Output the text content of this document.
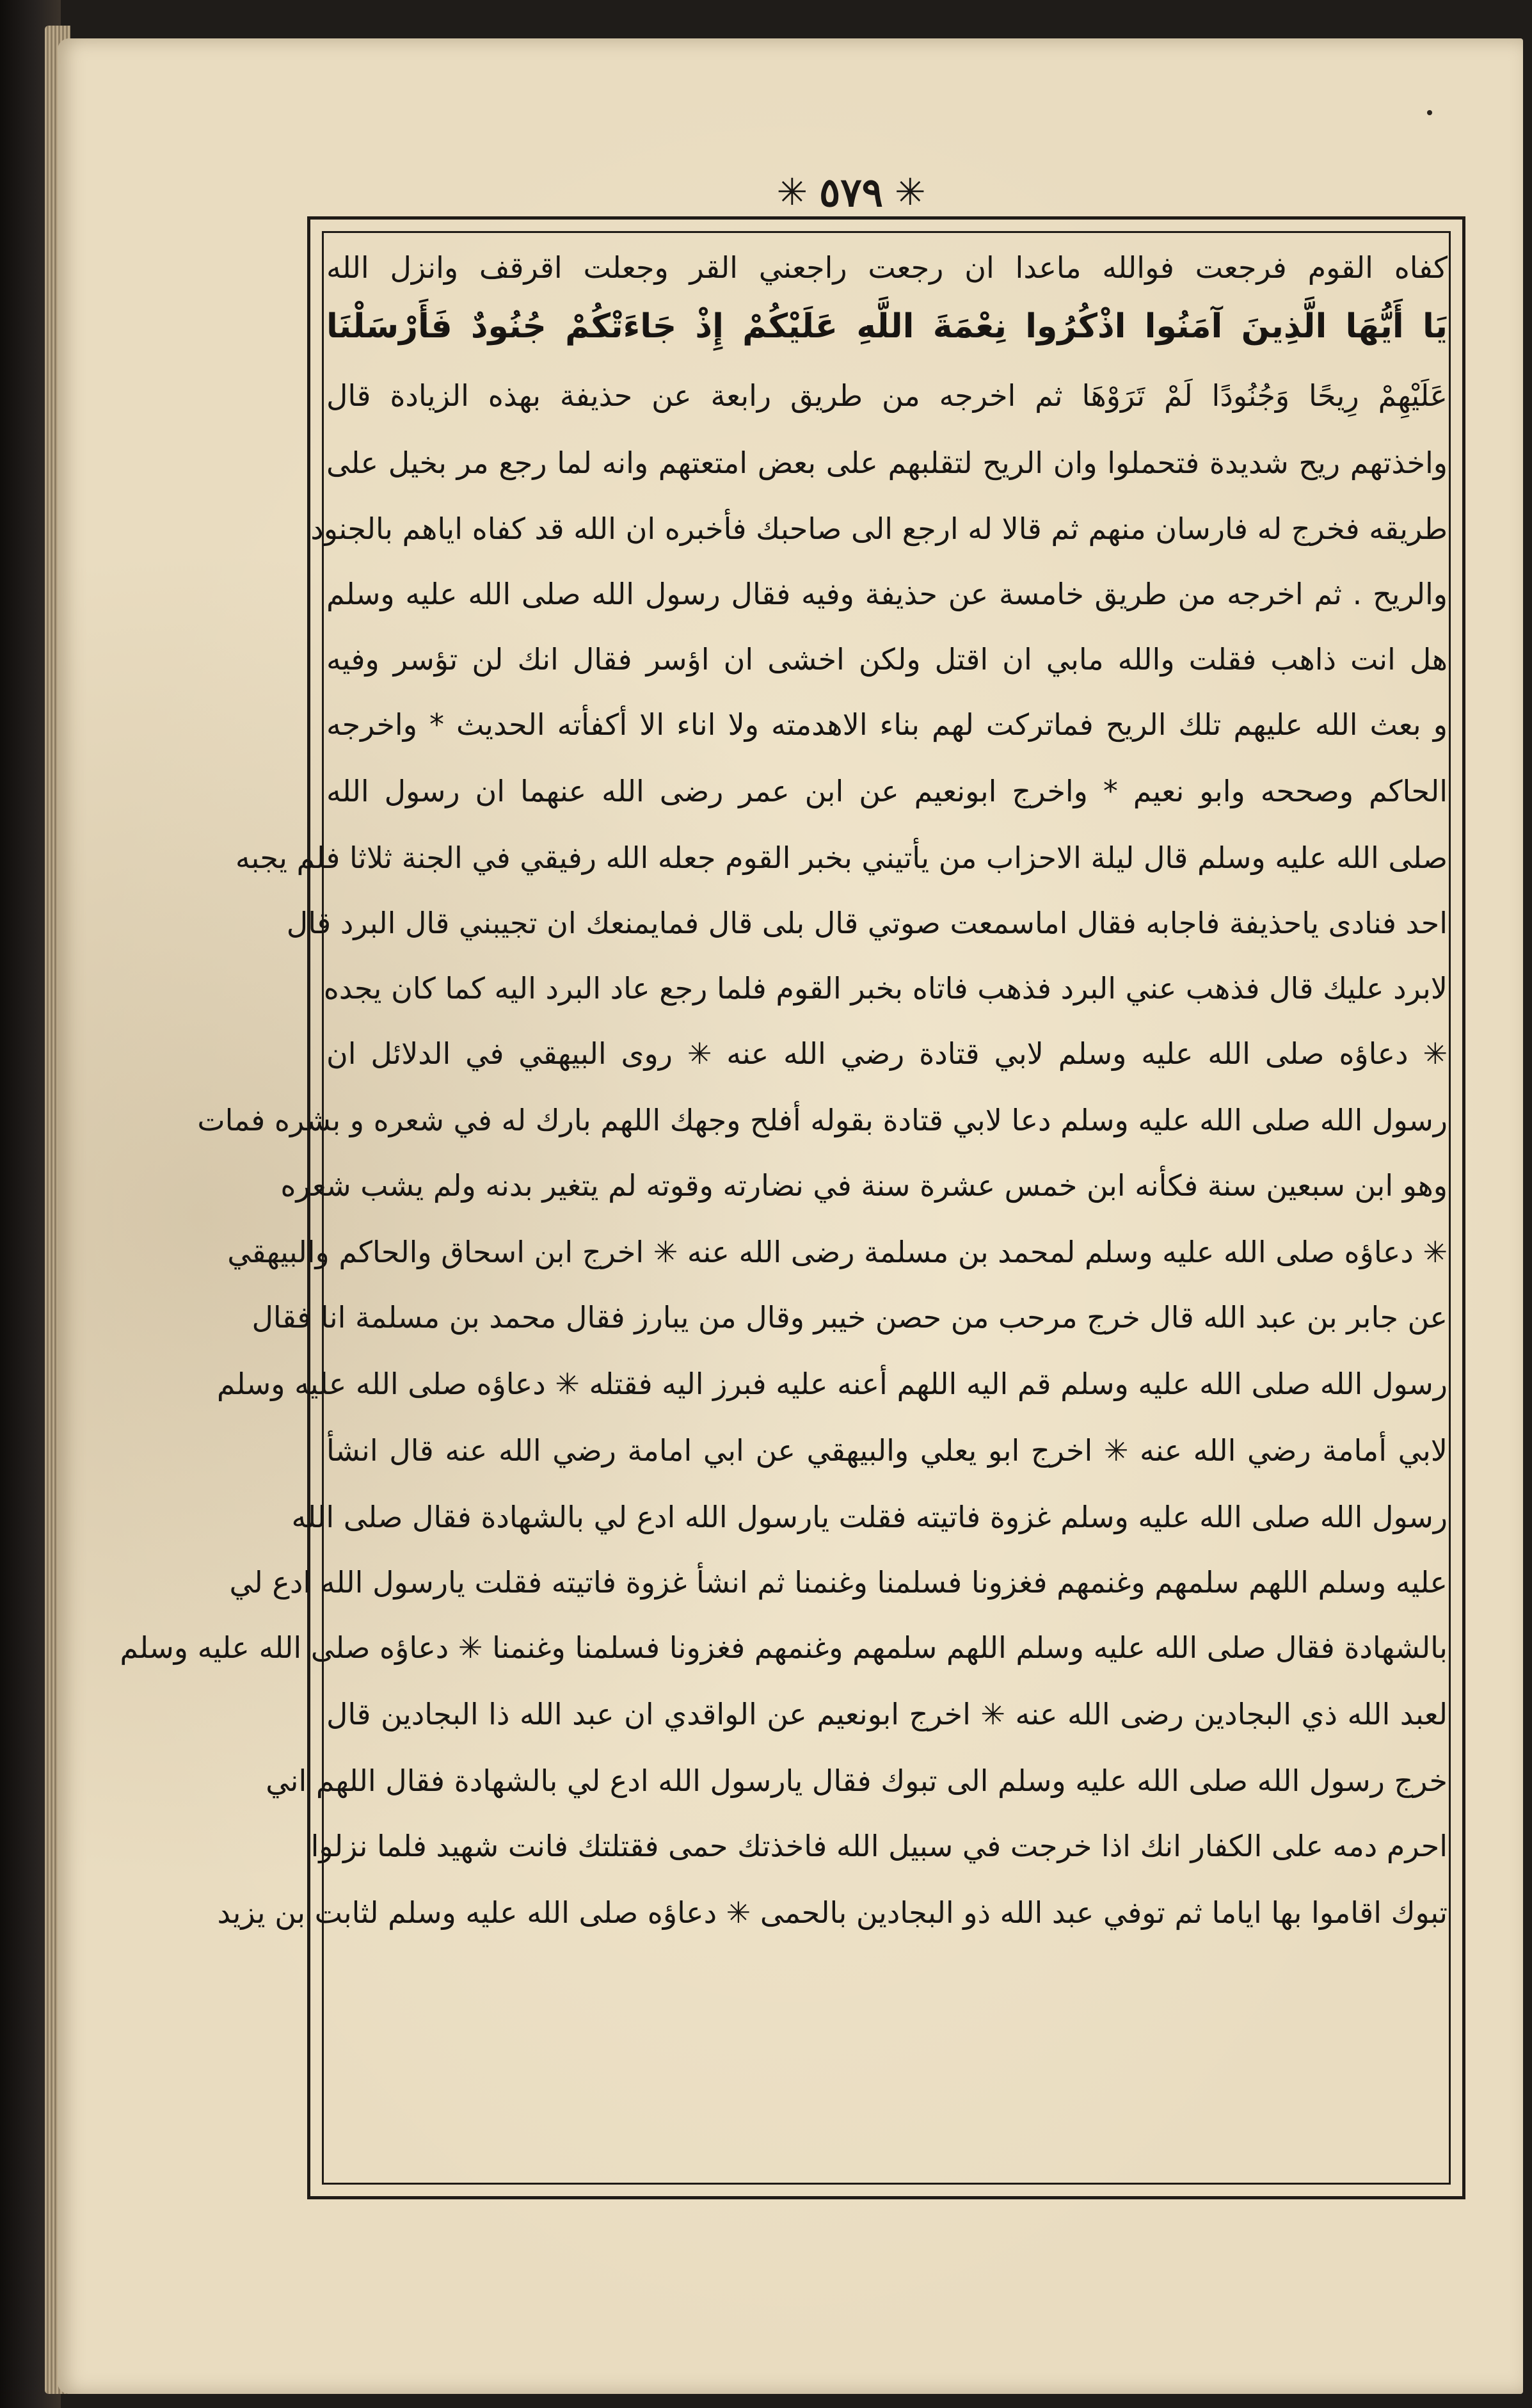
✳ ٥٧٩ ✳
كفاه القوم فرجعت فوالله ماعدا ان رجعت راجعني القر وجعلت اقرقف وانزل الله
يَا أَيُّهَا الَّذِينَ آمَنُوا اذْكُرُوا نِعْمَةَ اللَّهِ عَلَيْكُمْ إِذْ جَاءَتْكُمْ جُنُودٌ فَأَرْسَلْنَا
عَلَيْهِمْ رِيحًا وَجُنُودًا لَمْ تَرَوْهَا ثم اخرجه من طريق رابعة عن حذيفة بهذه الزيادة قال
واخذتهم ريح شديدة فتحملوا وان الريح لتقلبهم على بعض امتعتهم وانه لما رجع مر بخيل على
طريقه فخرج له فارسان منهم ثم قالا له ارجع الى صاحبك فأخبره ان الله قد كفاه اياهم بالجنود
والريح . ثم اخرجه من طريق خامسة عن حذيفة وفيه فقال رسول الله صلى الله عليه وسلم
هل انت ذاهب فقلت والله مابي ان اقتل ولكن اخشى ان اؤسر فقال انك لن تؤسر وفيه
و بعث الله عليهم تلك الريح فماتركت لهم بناء الاهدمته ولا اناء الا أكفأته الحديث * واخرجه
الحاكم وصححه وابو نعيم * واخرج ابونعيم عن ابن عمر رضى الله عنهما ان رسول الله
صلى الله عليه وسلم قال ليلة الاحزاب من يأتيني بخبر القوم جعله الله رفيقي في الجنة ثلاثا فلم يجبه
احد فنادى ياحذيفة فاجابه فقال اماسمعت صوتي قال بلى قال فمايمنعك ان تجيبني قال البرد قال
لابرد عليك قال فذهب عني البرد فذهب فاتاه بخبر القوم فلما رجع عاد البرد اليه كما كان يجده
✳ دعاؤه صلى الله عليه وسلم لابي قتادة رضي الله عنه ✳ روى البيهقي في الدلائل ان
رسول الله صلى الله عليه وسلم دعا لابي قتادة بقوله أفلح وجهك اللهم بارك له في شعره و بشره فمات
وهو ابن سبعين سنة فكأنه ابن خمس عشرة سنة في نضارته وقوته لم يتغير بدنه ولم يشب شعره
✳ دعاؤه صلى الله عليه وسلم لمحمد بن مسلمة رضى الله عنه ✳ اخرج ابن اسحاق والحاكم والبيهقي
عن جابر بن عبد الله قال خرج مرحب من حصن خيبر وقال من يبارز فقال محمد بن مسلمة انا فقال
رسول الله صلى الله عليه وسلم قم اليه اللهم أعنه عليه فبرز اليه فقتله ✳ دعاؤه صلى الله عليه وسلم
لابي أمامة رضي الله عنه ✳ اخرج ابو يعلي والبيهقي عن ابي امامة رضي الله عنه قال انشأ
رسول الله صلى الله عليه وسلم غزوة فاتيته فقلت يارسول الله ادع لي بالشهادة فقال صلى الله
عليه وسلم اللهم سلمهم وغنمهم فغزونا فسلمنا وغنمنا ثم انشأ غزوة فاتيته فقلت يارسول الله ادع لي
بالشهادة فقال صلى الله عليه وسلم اللهم سلمهم وغنمهم فغزونا فسلمنا وغنمنا ✳ دعاؤه صلى الله عليه وسلم
لعبد الله ذي البجادين رضى الله عنه ✳ اخرج ابونعيم عن الواقدي ان عبد الله ذا البجادين قال
خرج رسول الله صلى الله عليه وسلم الى تبوك فقال يارسول الله ادع لي بالشهادة فقال اللهم اني
احرم دمه على الكفار انك اذا خرجت في سبيل الله فاخذتك حمى فقتلتك فانت شهيد فلما نزلوا
تبوك اقاموا بها اياما ثم توفي عبد الله ذو البجادين بالحمى ✳ دعاؤه صلى الله عليه وسلم لثابت بن يزيد
